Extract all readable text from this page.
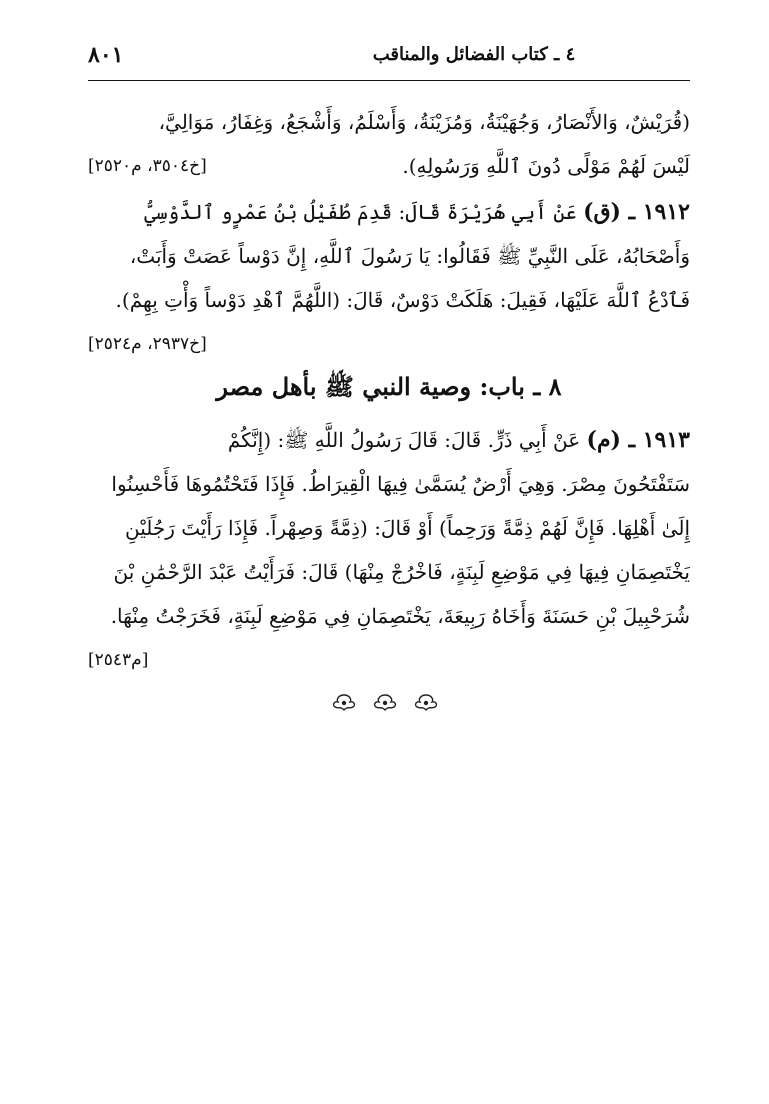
٨٠١	٤ ـ كتاب الفضائل والمناقب
(قُرَيْشٌ، وَالأَنْصَارُ، وَجُهَيْنَةُ، وَمُزَيْنَةُ، وَأَسْلَمُ، وَأَشْجَعُ، وَغِفَارُ، مَوَالِيَّ،
لَيْسَ لَهُمْ مَوْلًى دُونَ ٱللَّهِ وَرَسُولِهِ).
[خ٣٥٠٤، م٢٥٢٠]
١٩١٢ ـ (ق) عَنْ أَبِي هُرَيْرَةَ قَالَ: قَدِمَ طُفَيْلُ بْنُ عَمْرٍو ٱلدَّوْسِيُّ
وَأَصْحَابُهُ، عَلَى النَّبِيِّ ﷺ فَقَالُوا: يَا رَسُولَ ٱللَّهِ، إِنَّ دَوْساً عَصَتْ وَأَبَتْ،
فَٱدْعُ ٱللَّهَ عَلَيْهَا، فَقِيلَ: هَلَكَتْ دَوْسٌ، قَالَ: (اللَّهُمَّ ٱهْدِ دَوْساً وَأْتِ بِهِمْ).
[خ٢٩٣٧، م٢٥٢٤]
٨ ـ باب: وصية النبي ﷺ بأهل مصر
١٩١٣ ـ (م) عَنْ أَبِي ذَرٍّ. قَالَ: قَالَ رَسُولُ اللَّهِ ﷺ: (إِنَّكُمْ
سَتَفْتَحُونَ مِصْرَ. وَهِيَ أَرْضٌ يُسَمَّىٰ فِيهَا الْقِيرَاطُ. فَإِذَا فَتَحْتُمُوهَا فَأَحْسِنُوا
إِلَىٰ أَهْلِهَا. فَإِنَّ لَهُمْ ذِمَّةً وَرَحِماً) أَوْ قَالَ: (ذِمَّةً وَصِهْراً. فَإِذَا رَأَيْتَ رَجُلَيْنِ
يَخْتَصِمَانِ فِيهَا فِي مَوْضِعِ لَبِنَةٍ، فَاخْرُجْ مِنْهَا) قَالَ: فَرَأَيْتُ عَبْدَ الرَّحْمَٰنِ بْنَ
شُرَحْبِيلَ بْنِ حَسَنَةَ وَأَخَاهُ رَبِيعَةَ، يَخْتَصِمَانِ فِي مَوْضِعِ لَبِنَةٍ، فَخَرَجْتُ مِنْهَا.
[م٢٥٤٣]
